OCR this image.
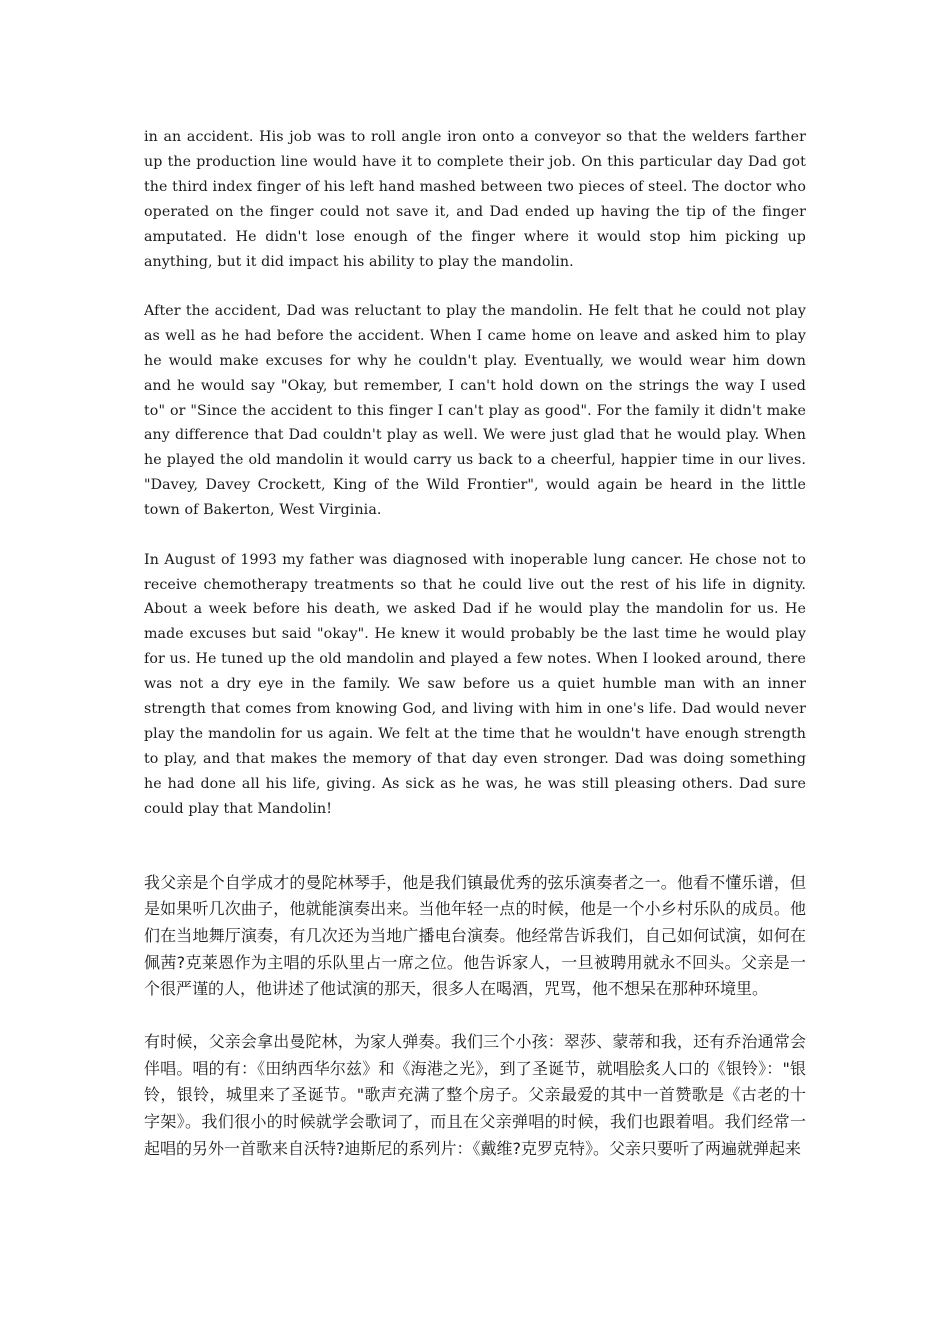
in an accident. His job was to roll angle iron onto a conveyor so that the welders farther up the production line would have it to complete their job. On this particular day Dad got the third index finger of his left hand mashed between two pieces of steel. The doctor who operated on the finger could not save it, and Dad ended up having the tip of the finger amputated. He didn't lose enough of the finger where it would stop him picking up anything, but it did impact his ability to play the mandolin.

After the accident, Dad was reluctant to play the mandolin. He felt that he could not play as well as he had before the accident. When I came home on leave and asked him to play he would make excuses for why he couldn't play. Eventually, we would wear him down and he would say "Okay, but remember, I can't hold down on the strings the way I used to" or "Since the accident to this finger I can't play as good". For the family it didn't make any difference that Dad couldn't play as well. We were just glad that he would play. When he played the old mandolin it would carry us back to a cheerful, happier time in our lives. "Davey, Davey Crockett, King of the Wild Frontier", would again be heard in the little town of Bakerton, West Virginia.

In August of 1993 my father was diagnosed with inoperable lung cancer. He chose not to receive chemotherapy treatments so that he could live out the rest of his life in dignity. About a week before his death, we asked Dad if he would play the mandolin for us. He made excuses but said "okay". He knew it would probably be the last time he would play for us. He tuned up the old mandolin and played a few notes. When I looked around, there was not a dry eye in the family. We saw before us a quiet humble man with an inner strength that comes from knowing God, and living with him in one's life. Dad would never play the mandolin for us again. We felt at the time that he wouldn't have enough strength to play, and that makes the memory of that day even stronger. Dad was doing something he had done all his life, giving. As sick as he was, he was still pleasing others. Dad sure could play that Mandolin!

我父亲是个自学成才的曼陀林琴手，他是我们镇最优秀的弦乐演奏者之一。他看不懂乐谱，但是如果听几次曲子，他就能演奏出来。当他年轻一点的时候，他是一个小乡村乐队的成员。他们在当地舞厅演奏，有几次还为当地广播电台演奏。他经常告诉我们，自己如何试演，如何在佩茜?克莱恩作为主唱的乐队里占一席之位。他告诉家人，一旦被聘用就永不回头。父亲是一个很严谨的人，他讲述了他试演的那天，很多人在喝酒，咒骂，他不想呆在那种环境里。

有时候，父亲会拿出曼陀林，为家人弹奏。我们三个小孩：翠莎、蒙蒂和我，还有乔治通常会伴唱。唱的有：《田纳西华尔兹》和《海港之光》，到了圣诞节，就唱脍炙人口的《银铃》："银铃，银铃，城里来了圣诞节。"歌声充满了整个房子。父亲最爱的其中一首赞歌是《古老的十字架》。我们很小的时候就学会歌词了，而且在父亲弹唱的时候，我们也跟着唱。我们经常一起唱的另外一首歌来自沃特?迪斯尼的系列片：《戴维?克罗克特》。父亲只要听了两遍就弹起来
